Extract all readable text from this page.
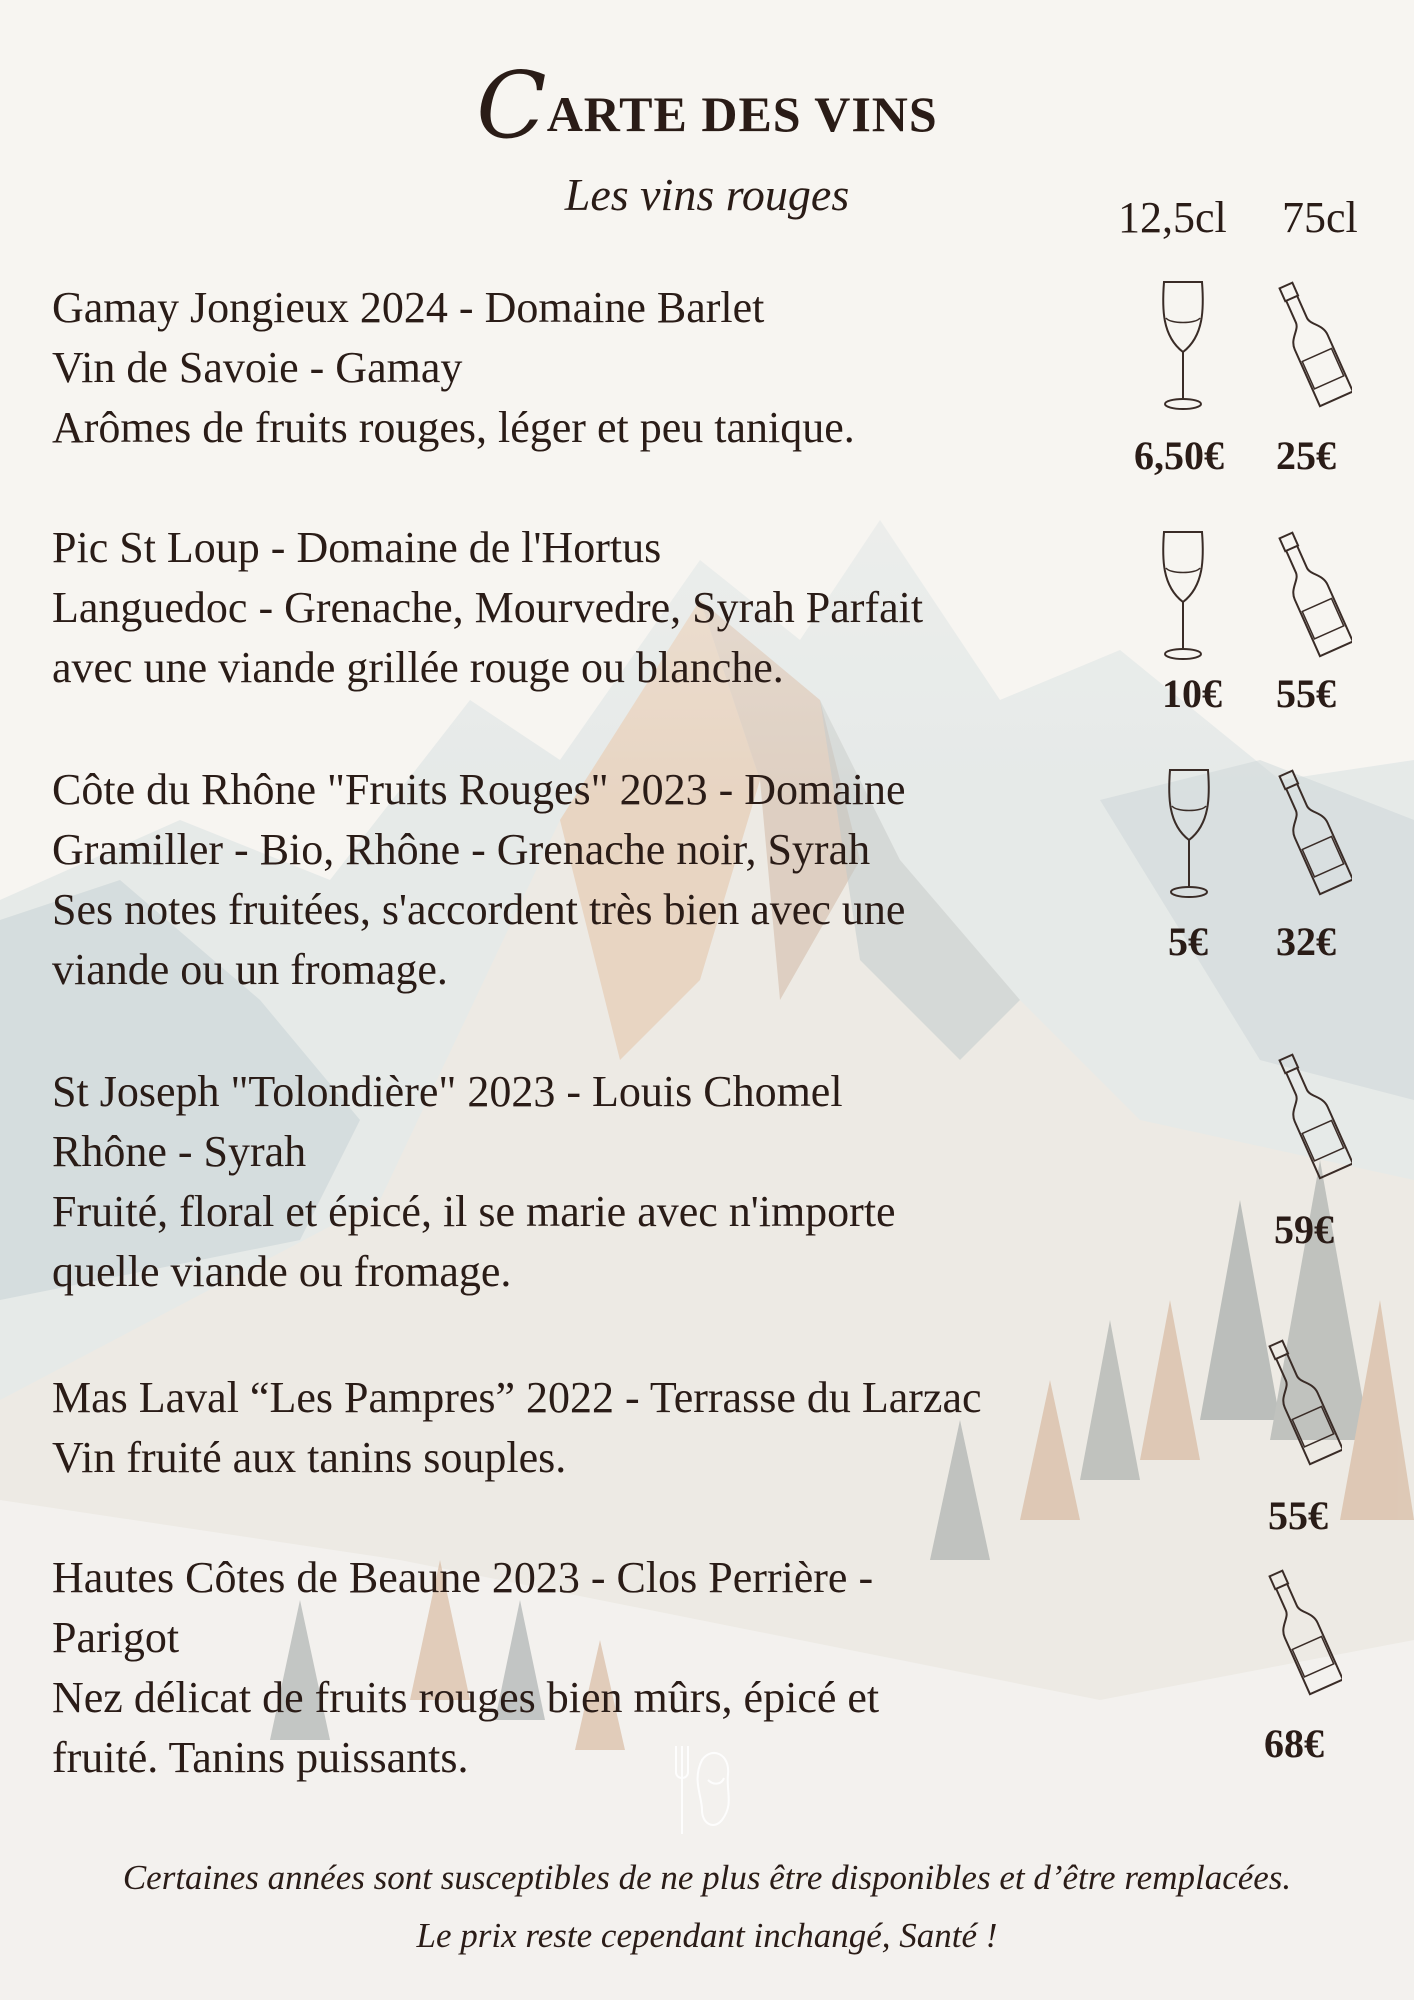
CARTE DES VINS
Les vins rouges	12,5cl 75cl
Gamay Jongieux 2024 - Domaine Barlet
Vin de Savoie - Gamay
Arômes de fruits rouges, léger et peu tanique.
6,50€ 25€
Pic St Loup - Domaine de l'Hortus
Languedoc - Grenache, Mourvedre, Syrah Parfait
avec une viande grillée rouge ou blanche.
10€ 55€
Côte du Rhône "Fruits Rouges" 2023 - Domaine
Gramiller - Bio, Rhône - Grenache noir, Syrah
Ses notes fruitées, s'accordent très bien avec une
viande ou un fromage.
5€ 32€
St Joseph "Tolondière" 2023 - Louis Chomel
Rhône - Syrah
Fruité, floral et épicé, il se marie avec n'importe
quelle viande ou fromage.
59€
Mas Laval “Les Pampres” 2022 - Terrasse du Larzac
Vin fruité aux tanins souples.
55€
Hautes Côtes de Beaune 2023 - Clos Perrière -
Parigot
Nez délicat de fruits rouges bien mûrs, épicé et
fruité. Tanins puissants.	68€
Certaines années sont susceptibles de ne plus être disponibles et d’être remplacées.
Le prix reste cependant inchangé, Santé !
